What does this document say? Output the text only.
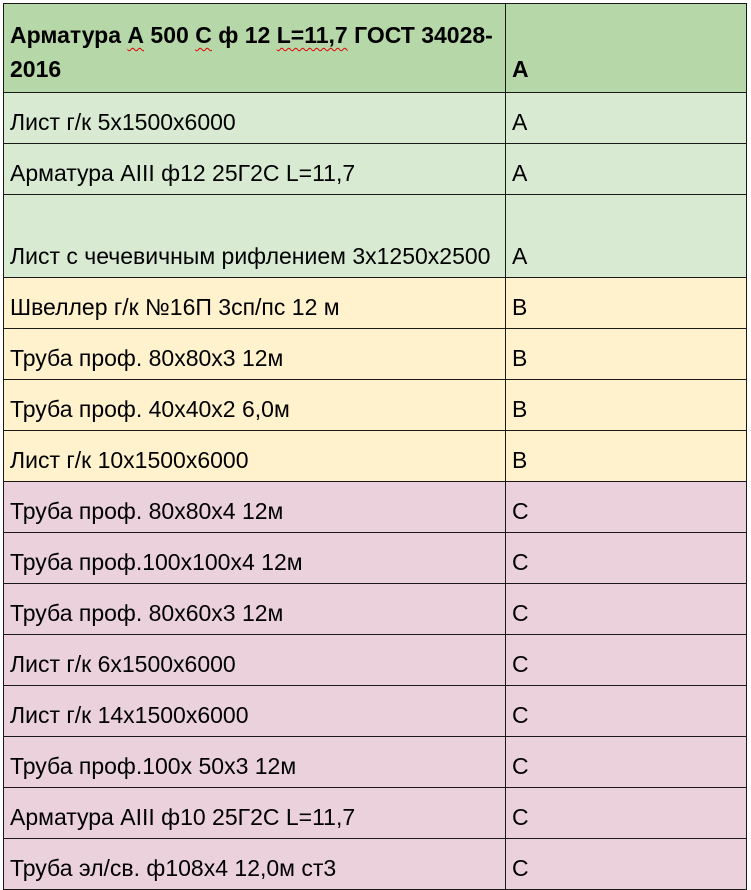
Арматура А 500 С ф 12 L=11,7 ГОСТ 34028-2016	A
Лист г/к 5х1500х6000	A
Арматура AIII ф12 25Г2С L=11,7	A
Лист с чечевичным рифлением 3х1250х2500	A
Швеллер г/к №16П 3сп/пс 12 м	B
Труба проф. 80х80х3 12м	B
Труба проф. 40х40х2 6,0м	B
Лист г/к 10х1500х6000	B
Труба проф. 80х80х4 12м	C
Труба проф.100х100х4 12м	C
Труба проф. 80х60х3 12м	C
Лист г/к 6х1500х6000	C
Лист г/к 14х1500х6000	C
Труба проф.100х 50х3 12м	C
Арматура AIII ф10 25Г2С L=11,7	C
Труба эл/св. ф108х4 12,0м ст3	C
